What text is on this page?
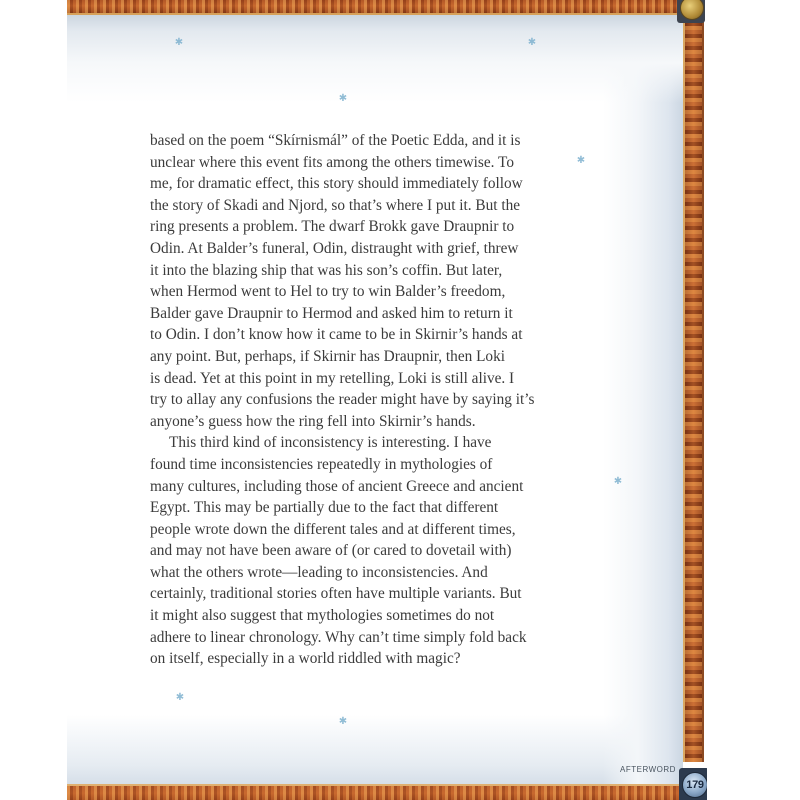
✱	✱
✱
✱
✱
✱
✱

based on the poem “Skírnismál” of the Poetic Edda, and it is
unclear where this event fits among the others timewise. To
me, for dramatic effect, this story should immediately follow
the story of Skadi and Njord, so that’s where I put it. But the
ring presents a problem. The dwarf Brokk gave Draupnir to
Odin. At Balder’s funeral, Odin, distraught with grief, threw
it into the blazing ship that was his son’s coffin. But later,
when Hermod went to Hel to try to win Balder’s freedom,
Balder gave Draupnir to Hermod and asked him to return it
to Odin. I don’t know how it came to be in Skirnir’s hands at
any point. But, perhaps, if Skirnir has Draupnir, then Loki
is dead. Yet at this point in my retelling, Loki is still alive. I
try to allay any confusions the reader might have by saying it’s
anyone’s guess how the ring fell into Skirnir’s hands.

This third kind of inconsistency is interesting. I have
found time inconsistencies repeatedly in mythologies of
many cultures, including those of ancient Greece and ancient
Egypt. This may be partially due to the fact that different
people wrote down the different tales and at different times,
and may not have been aware of (or cared to dovetail with)
what the others wrote—leading to inconsistencies. And
certainly, traditional stories often have multiple variants. But
it might also suggest that mythologies sometimes do not
adhere to linear chronology. Why can’t time simply fold back
on itself, especially in a world riddled with magic?

AFTERWORD
179
